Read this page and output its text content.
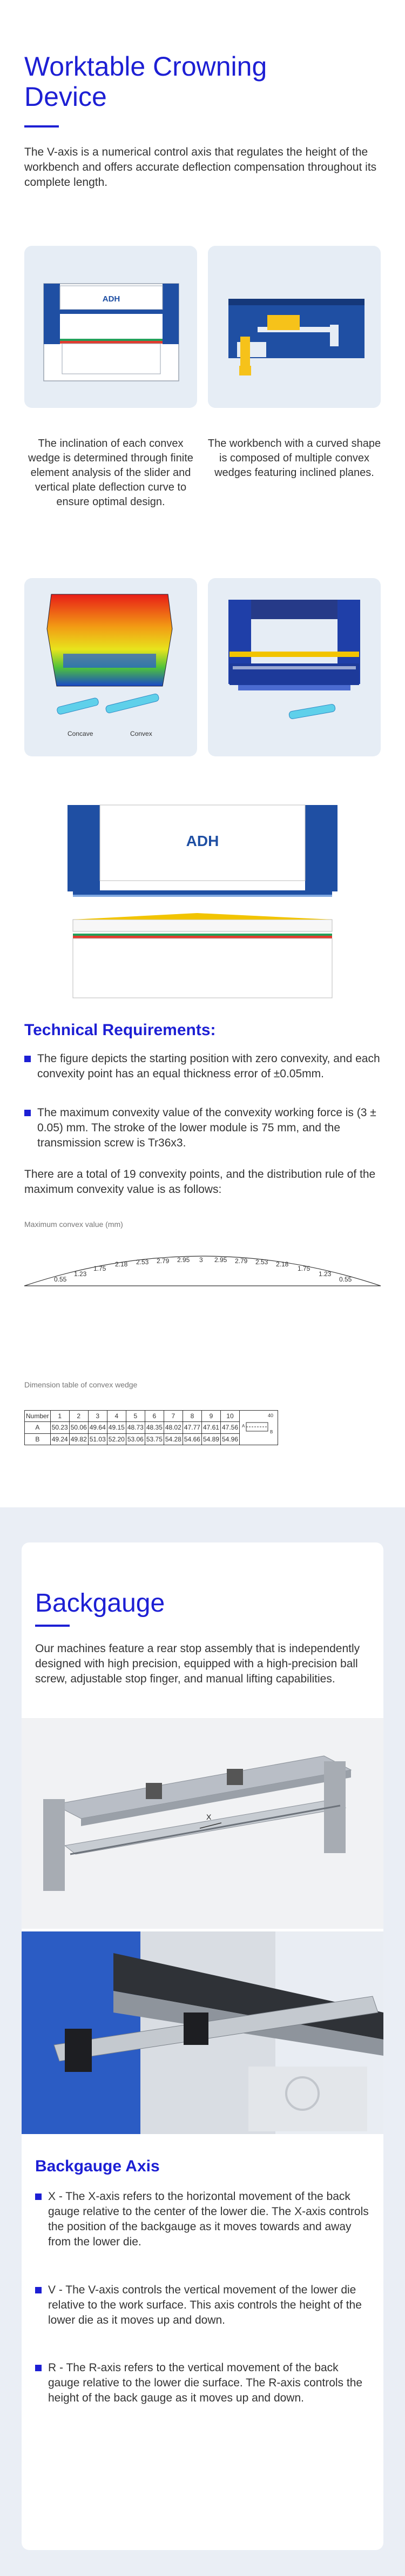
Worktable Crowning
Device

The V-axis is a numerical control axis that regulates the height of the workbench and offers accurate deflection compensation throughout its complete length.

ADH

The inclination of each convex wedge is determined through finite element analysis of the slider and vertical plate deflection curve to ensure optimal design.

The workbench with a curved shape is composed of multiple convex wedges featuring inclined planes.

Concave	Convex
ADH
Technical Requirements:

The figure depicts the starting position with zero convexity, and each convexity point has an equal thickness error of ±0.05mm.

The maximum convexity value of the convexity working force is (3 ± 0.05) mm. The stroke of the lower module is 75 mm, and the transmission screw is Tr36x3.

There are a total of 19 convexity points, and the distribution rule of the maximum convexity value is as follows:

Maximum convex value (mm)

0.55
1.23
1.75
2.18 2.53 2.79 2.95 3 2.95 2.79 2.53 2.18
1.75
1.23
0.55

Dimension table of convex wedge

Number	1	2	3	4	5	6	7	8	9	10	40
A
B

A	50.23	50.06	49.64	49.15	48.73	48.35	48.02	47.77	47.61	47.56	
B	49.24	49.82	51.03	52.20	53.06	53.75	54.28	54.66	54.89	54.96	
Backgauge

Our machines feature a rear stop assembly that is independently designed with high precision, equipped with a high-precision ball screw, adjustable stop finger, and manual lifting capabilities.

X
Backgauge Axis

X - The X-axis refers to the horizontal movement of the back gauge relative to the center of the lower die. The X-axis controls the position of the backgauge as it moves towards and away from the lower die.

V - The V-axis controls the vertical movement of the lower die relative to the work surface. This axis controls the height of the lower die as it moves up and down.

R - The R-axis refers to the vertical movement of the back gauge relative to the lower die surface. The R-axis controls the height of the back gauge as it moves up and down.
